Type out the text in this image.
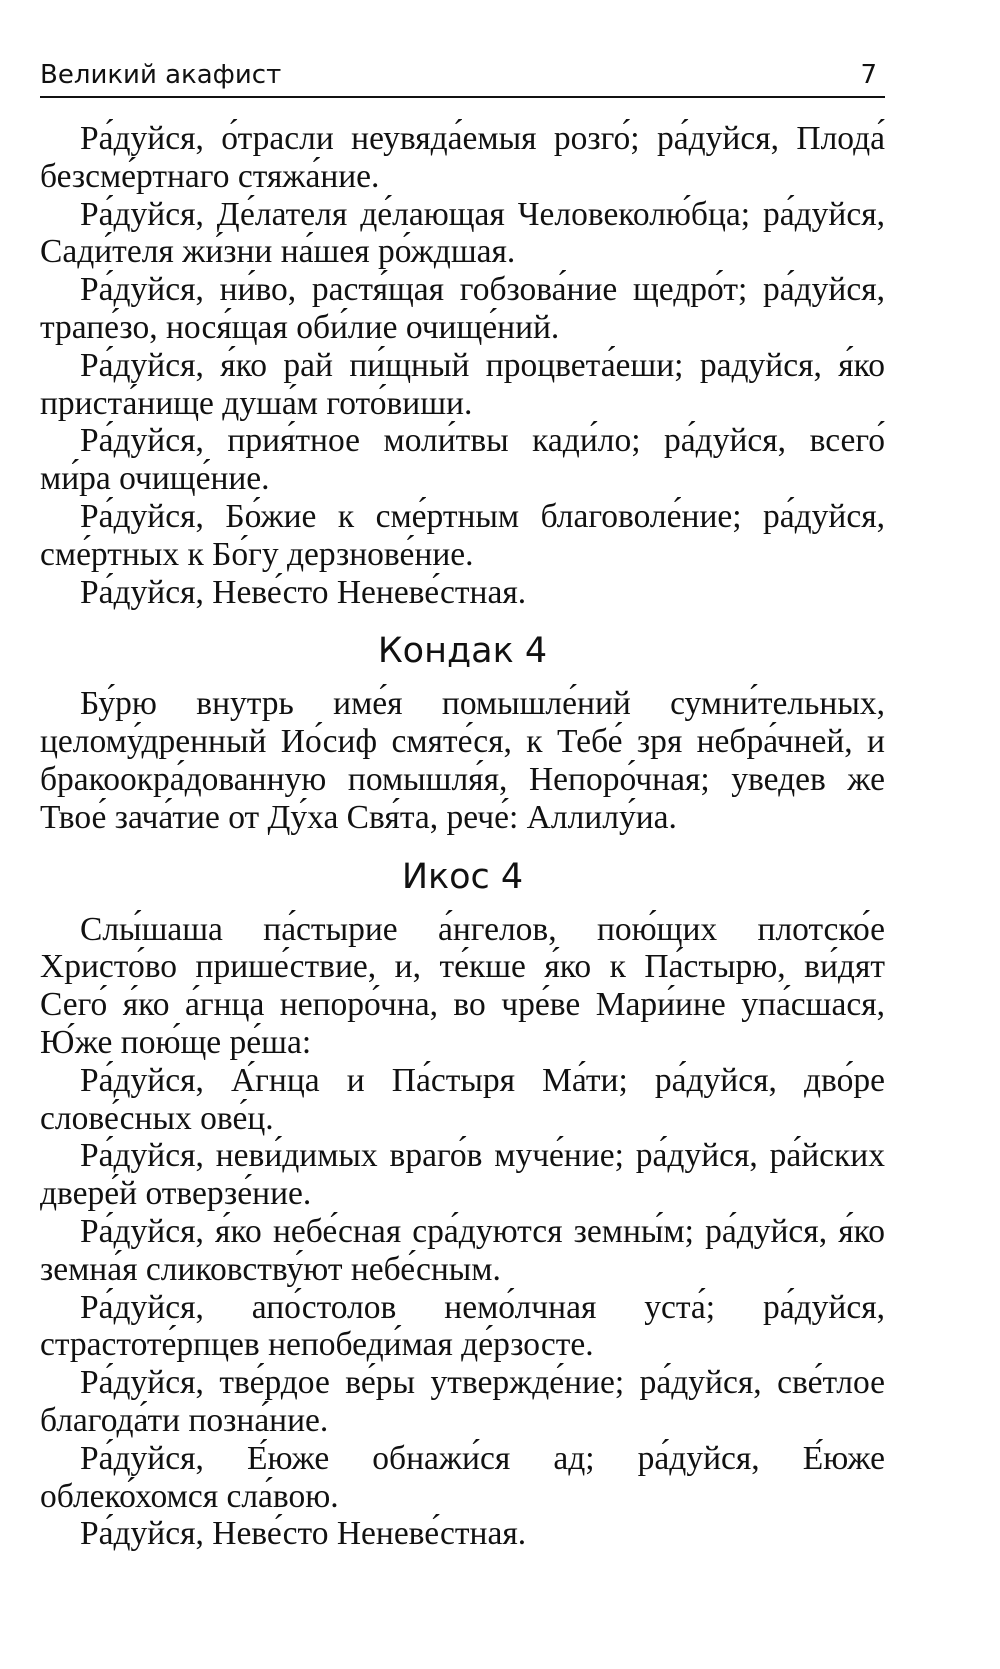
Великий акафист	7

Ра́дуйся, о́трасли неувяда́емыя розго́; ра́дуйся, Плода́ безсме́ртнаго стяжа́ние.

Ра́дуйся, Де́лателя де́лающая Человеколю́бца; ра́дуйся, Сади́теля жи́зни на́шея ро́ждшая.

Ра́дуйся, ни́во, растя́щая гобзова́ние щедро́т; ра́дуйся, трапе́зо, нося́щая оби́лие очище́ний.

Ра́дуйся, я́ко рай пи́щный процвета́еши; радуйся, я́ко приста́нище душа́м гото́виши.

Ра́дуйся, прия́тное моли́твы кади́ло; ра́дуйся, всего́ ми́ра очище́ние.

Ра́дуйся, Бо́жие к сме́ртным благоволе́ние; ра́дуйся, сме́ртных к Бо́гу дерзнове́ние.

Ра́дуйся, Неве́сто Неневе́стная.

Кондак 4

Бу́рю внутрь име́я помышле́ний сумни́тельных, целому́дренный Ио́сиф смяте́ся, к Тебе́ зря небра́чней, и бракоокра́дованную помышля́я, Непоро́чная; уведев же Твое́ зача́тие от Ду́ха Свя́та, рече́: Аллилу́иа.

Икос 4

Слы́шаша па́стырие а́нгелов, пою́щих плотско́е Христо́во прише́ствие, и, те́кше я́ко к Па́стырю, ви́дят Сего́ я́ко а́гнца непоро́чна, во чре́ве Мари́ине упа́сшася, Ю́же пою́ще ре́ша:

Ра́дуйся, А́гнца и Па́стыря Ма́ти; ра́дуйся, дво́ре слове́сных ове́ц.

Ра́дуйся, неви́димых враго́в муче́ние; ра́дуйся, ра́йских двере́й отверзе́ние.

Ра́дуйся, я́ко небе́сная сра́дуются земны́м; ра́дуйся, я́ко земна́я сликовству́ют небе́сным.

Ра́дуйся, апо́столов немо́лчная уста́; ра́дуйся, страстоте́рпцев непобеди́мая де́рзосте.

Ра́дуйся, тве́рдое ве́ры утвержде́ние; ра́дуйся, све́тлое благода́ти позна́ние.

Ра́дуйся, Е́юже обнажи́ся ад; ра́дуйся, Е́юже облеко́хомся сла́вою.

Ра́дуйся, Неве́сто Неневе́стная.
